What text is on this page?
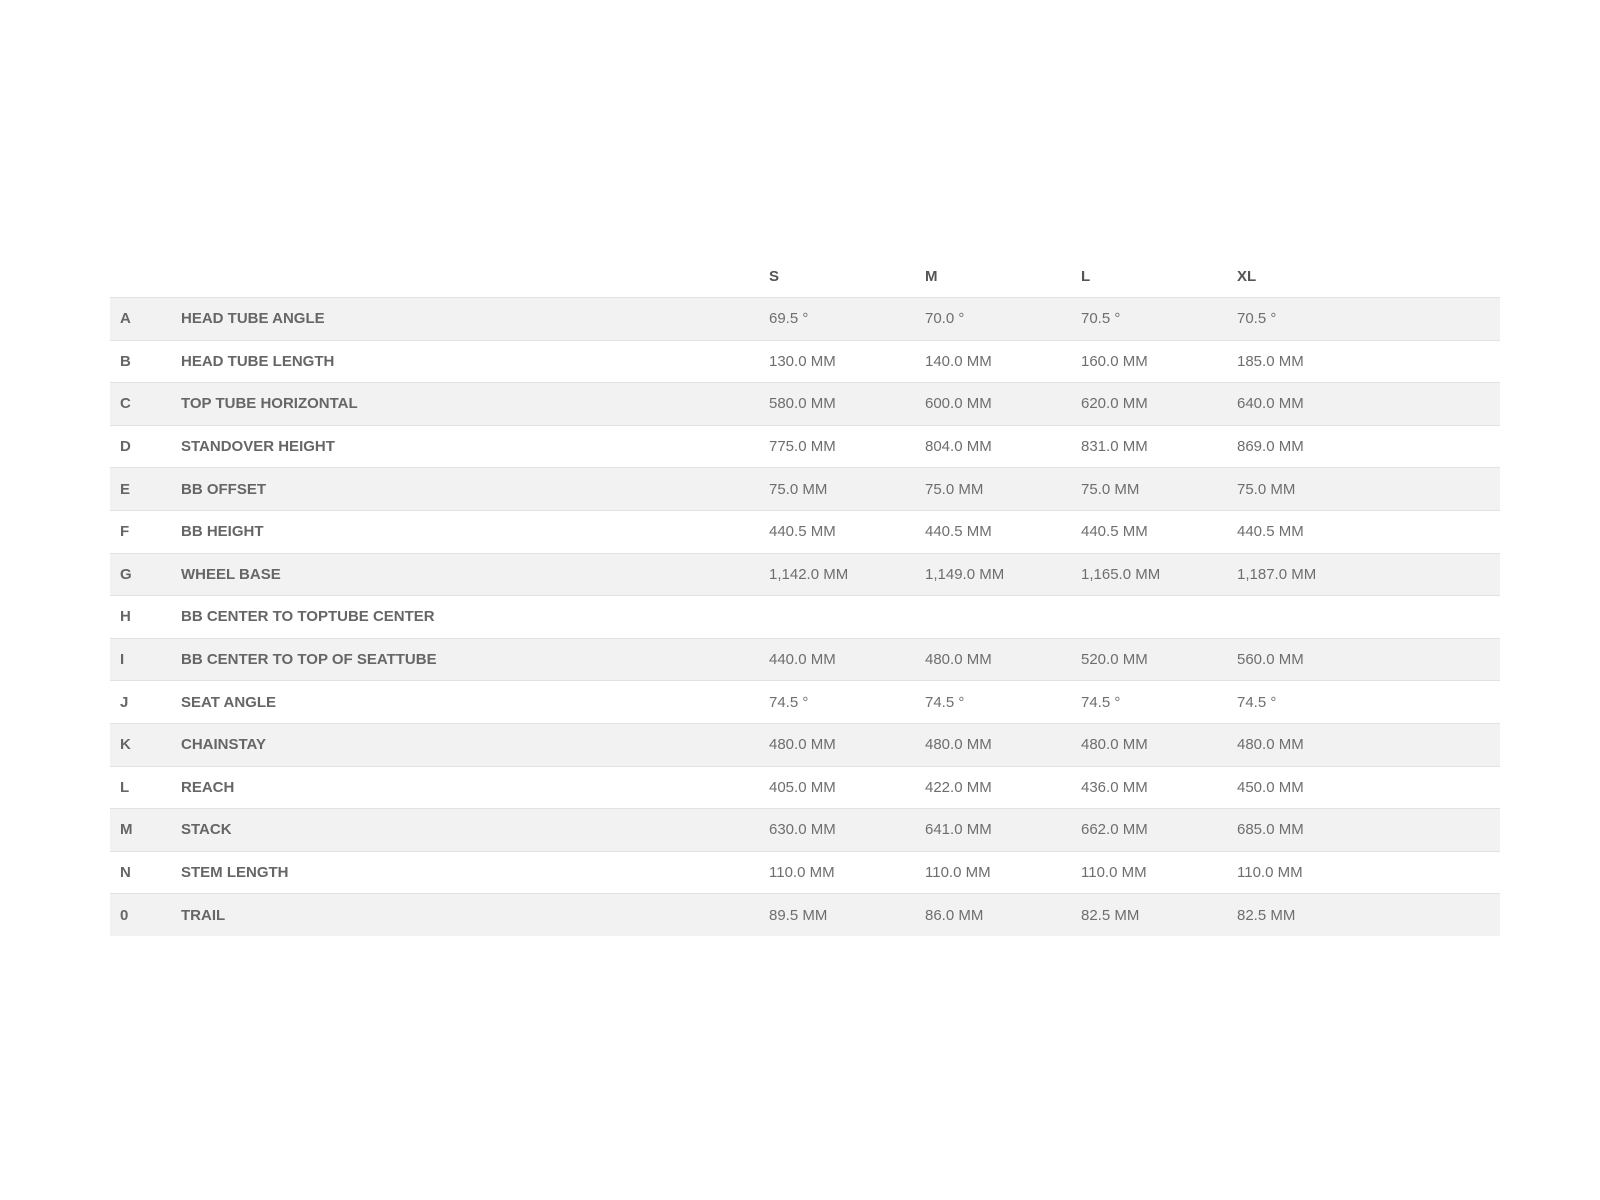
		S	M	L	XL	
A	HEAD TUBE ANGLE	69.5 °	70.0 °	70.5 °	70.5 °	
B	HEAD TUBE LENGTH	130.0 MM	140.0 MM	160.0 MM	185.0 MM	
C	TOP TUBE HORIZONTAL	580.0 MM	600.0 MM	620.0 MM	640.0 MM	
D	STANDOVER HEIGHT	775.0 MM	804.0 MM	831.0 MM	869.0 MM	
E	BB OFFSET	75.0 MM	75.0 MM	75.0 MM	75.0 MM	
F	BB HEIGHT	440.5 MM	440.5 MM	440.5 MM	440.5 MM	
G	WHEEL BASE	1,142.0 MM	1,149.0 MM	1,165.0 MM	1,187.0 MM	
H	BB CENTER TO TOPTUBE CENTER					
I	BB CENTER TO TOP OF SEATTUBE	440.0 MM	480.0 MM	520.0 MM	560.0 MM	
J	SEAT ANGLE	74.5 °	74.5 °	74.5 °	74.5 °	
K	CHAINSTAY	480.0 MM	480.0 MM	480.0 MM	480.0 MM	
L	REACH	405.0 MM	422.0 MM	436.0 MM	450.0 MM	
M	STACK	630.0 MM	641.0 MM	662.0 MM	685.0 MM	
N	STEM LENGTH	110.0 MM	110.0 MM	110.0 MM	110.0 MM	
0	TRAIL	89.5 MM	86.0 MM	82.5 MM	82.5 MM	
